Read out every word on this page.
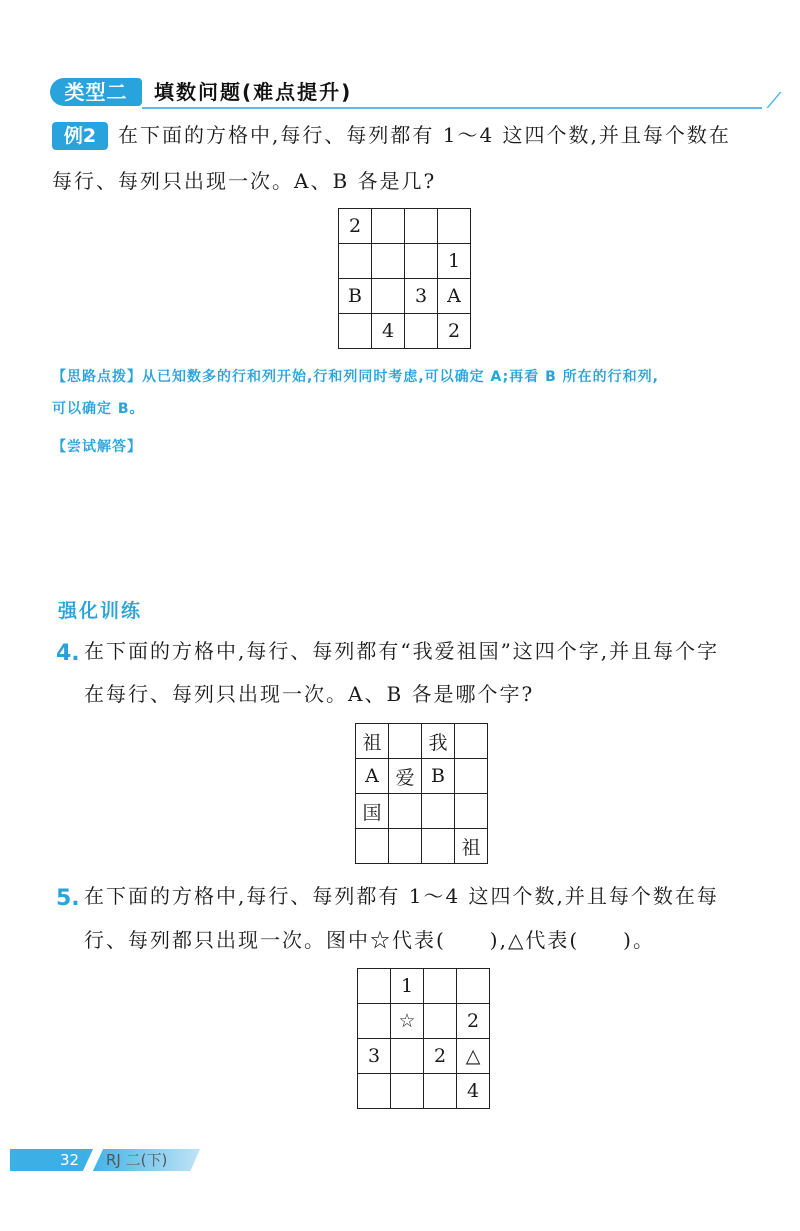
类型二	填数问题(难点提升)
例2	在下面的方格中,每行、每列都有 1～4 这四个数,并且每个数在
每行、每列只出现一次。A、B 各是几?
2			
			1
B		3	A
	4		2
【思路点拨】从已知数多的行和列开始,行和列同时考虑,可以确定 A;再看 B 所在的行和列,
可以确定 B。
【尝试解答】
强化训练
4. 在下面的方格中,每行、每列都有“我爱祖国”这四个字,并且每个字
在每行、每列只出现一次。A、B 各是哪个字?
祖		我	
A	爱	B	
国			
			祖
5. 在下面的方格中,每行、每列都有 1～4 这四个数,并且每个数在每
行、每列都只出现一次。图中☆代表(　　),△代表(　　)。
	1		
	☆		2
3		2	△
			4
32 RJ 二(下)
